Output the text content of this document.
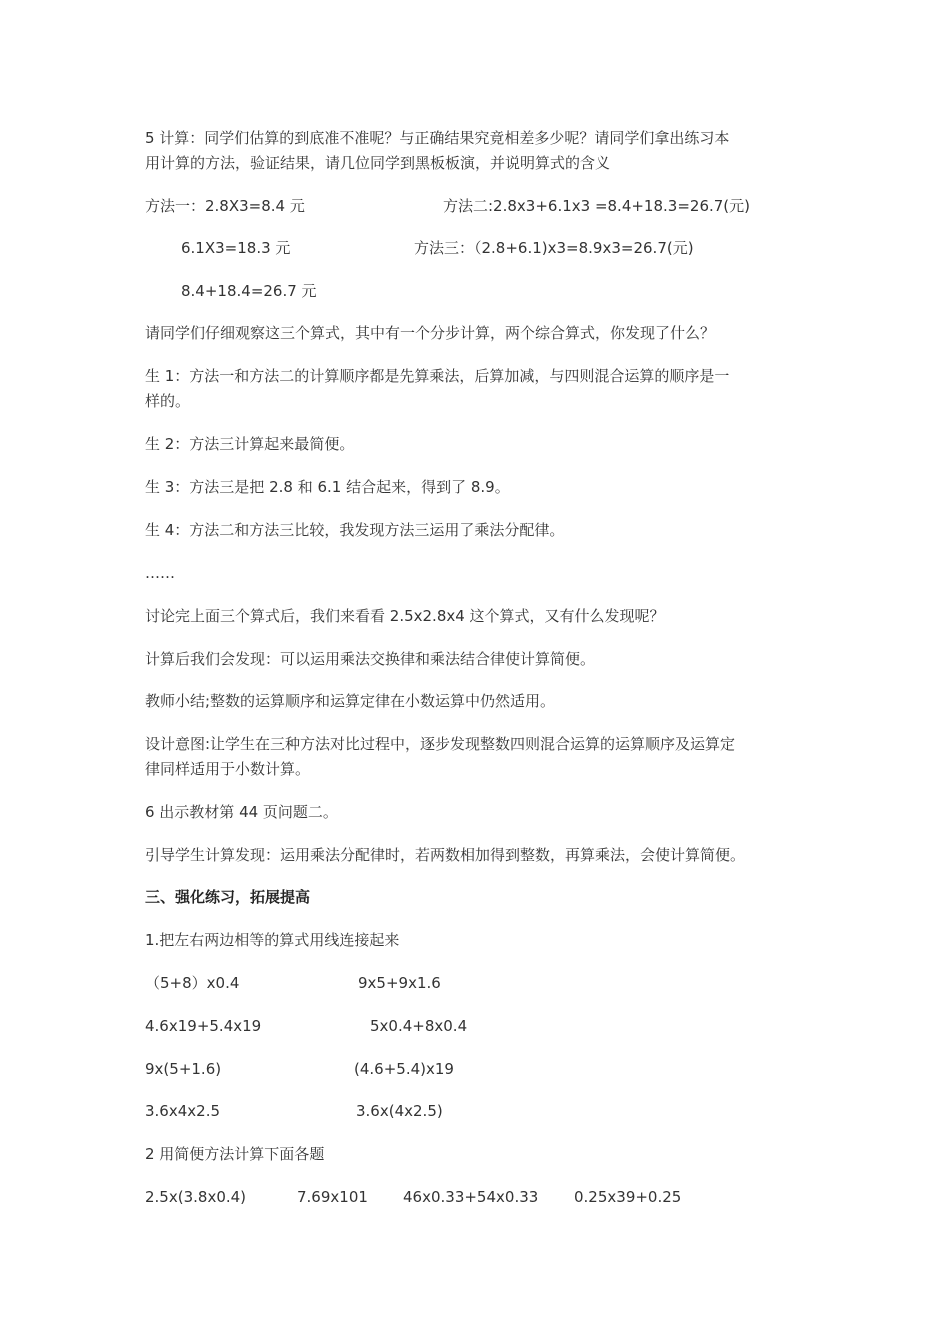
5 计算：同学们估算的到底准不准呢？与正确结果究竟相差多少呢？请同学们拿出练习本
用计算的方法，验证结果，请几位同学到黑板板演，并说明算式的含义
方法一：2.8X3=8.4 元	方法二:2.8x3+6.1x3 =8.4+18.3=26.7(元)
6.1X3=18.3 元	方法三：（2.8+6.1)x3=8.9x3=26.7(元)
8.4+18.4=26.7 元
请同学们仔细观察这三个算式，其中有一个分步计算，两个综合算式，你发现了什么？
生 1：方法一和方法二的计算顺序都是先算乘法，后算加减，与四则混合运算的顺序是一
样的。
生 2：方法三计算起来最简便。
生 3：方法三是把 2.8 和 6.1 结合起来，得到了 8.9。
生 4：方法二和方法三比较，我发现方法三运用了乘法分配律。
……
讨论完上面三个算式后，我们来看看 2.5x2.8x4 这个算式，又有什么发现呢？
计算后我们会发现：可以运用乘法交换律和乘法结合律使计算简便。
教师小结;整数的运算顺序和运算定律在小数运算中仍然适用。
设计意图:让学生在三种方法对比过程中，逐步发现整数四则混合运算的运算顺序及运算定
律同样适用于小数计算。
6 出示教材第 44 页问题二。
引导学生计算发现：运用乘法分配律时，若两数相加得到整数，再算乘法，会使计算简便。
三、强化练习，拓展提高
1.把左右两边相等的算式用线连接起来
（5+8）x0.4	9x5+9x1.6
4.6x19+5.4x19	5x0.4+8x0.4
9x(5+1.6)	(4.6+5.4)x19
3.6x4x2.5	3.6x(4x2.5)
2 用简便方法计算下面各题
2.5x(3.8x0.4)	7.69x101 46x0.33+54x0.33 0.25x39+0.25
